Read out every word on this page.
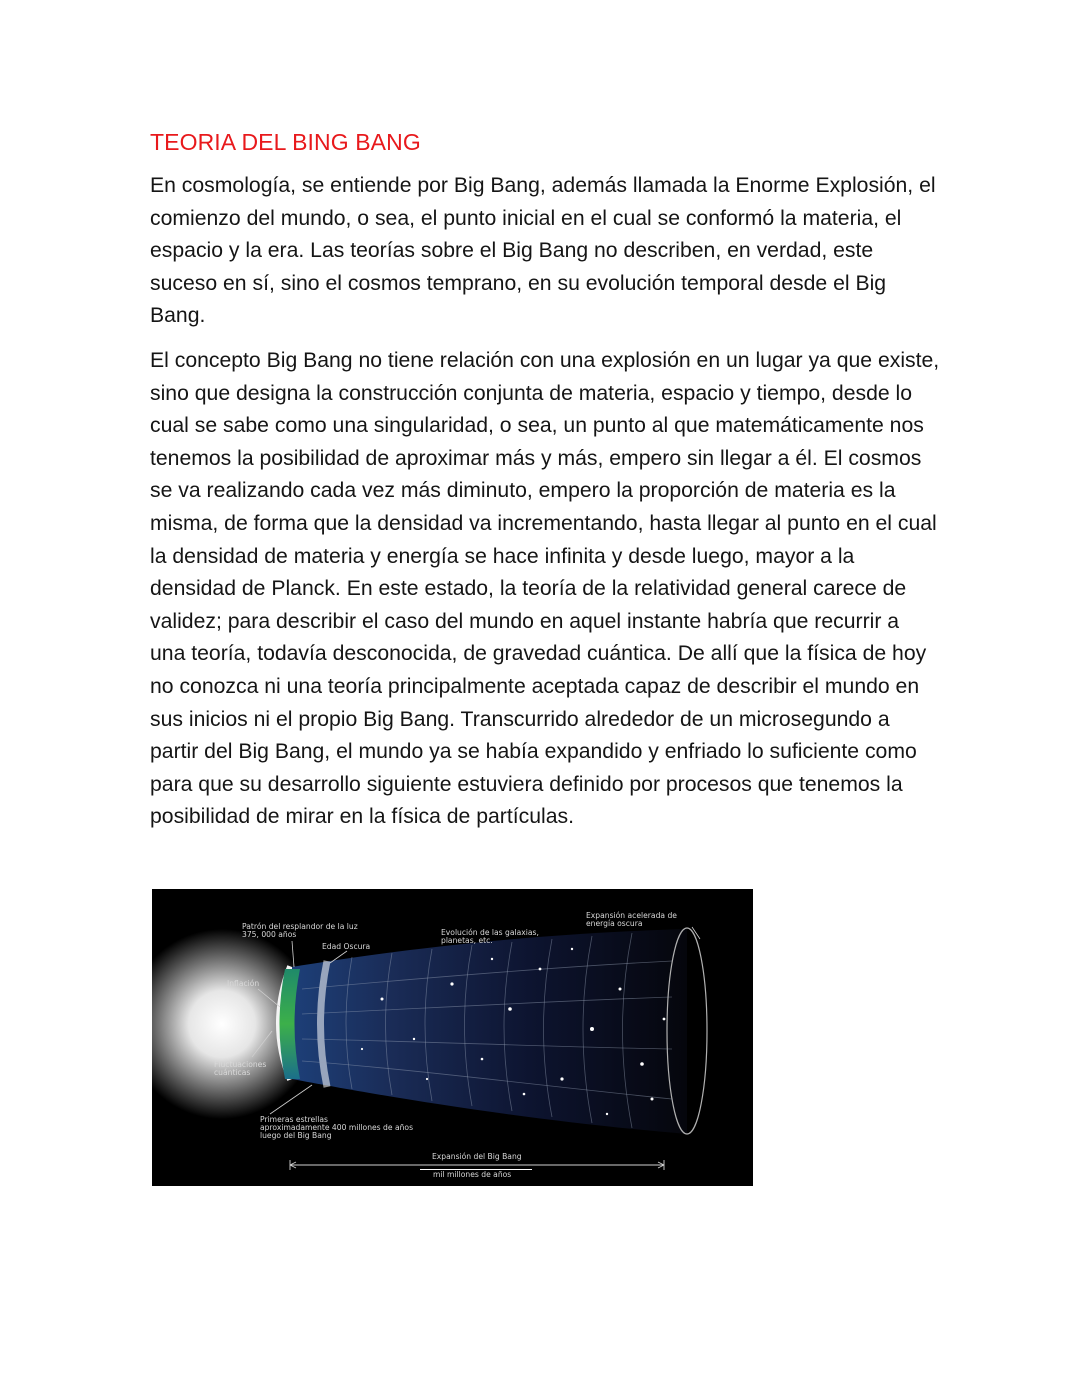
TEORIA DEL BING BANG

En cosmología, se entiende por Big Bang, además llamada la Enorme Explosión, el comienzo del mundo, o sea, el punto inicial en el cual se conformó la materia, el espacio y la era. Las teorías sobre el Big Bang no describen, en verdad, este suceso en sí, sino el cosmos temprano, en su evolución temporal desde el Big Bang.

El concepto Big Bang no tiene relación con una explosión en un lugar ya que existe, sino que designa la construcción conjunta de materia, espacio y tiempo, desde lo cual se sabe como una singularidad, o sea, un punto al que matemáticamente nos tenemos la posibilidad de aproximar más y más, empero sin llegar a él. El cosmos se va realizando cada vez más diminuto, empero la proporción de materia es la misma, de forma que la densidad va incrementando, hasta llegar al punto en el cual la densidad de materia y energía se hace infinita y desde luego, mayor a la densidad de Planck. En este estado, la teoría de la relatividad general carece de validez; para describir el caso del mundo en aquel instante habría que recurrir a una teoría, todavía desconocida, de gravedad cuántica. De allí que la física de hoy no conozca ni una teoría principalmente aceptada capaz de describir el mundo en sus inicios ni el propio Big Bang. Transcurrido alrededor de un microsegundo a partir del Big Bang, el mundo ya se había expandido y enfriado lo suficiente como para que su desarrollo siguiente estuviera definido por procesos que tenemos la posibilidad de mirar en la física de partículas.

Patrón del resplandor de la luz
375, 000 años
Edad Oscura
Evolución de las galaxias,
planetas, etc.
Expansión acelerada de
energía oscura
Inflación
Fluctuaciones
cuánticas
Primeras estrellas
aproximadamente 400 millones de años
luego del Big Bang
Expansión del Big Bang
mil millones de años
